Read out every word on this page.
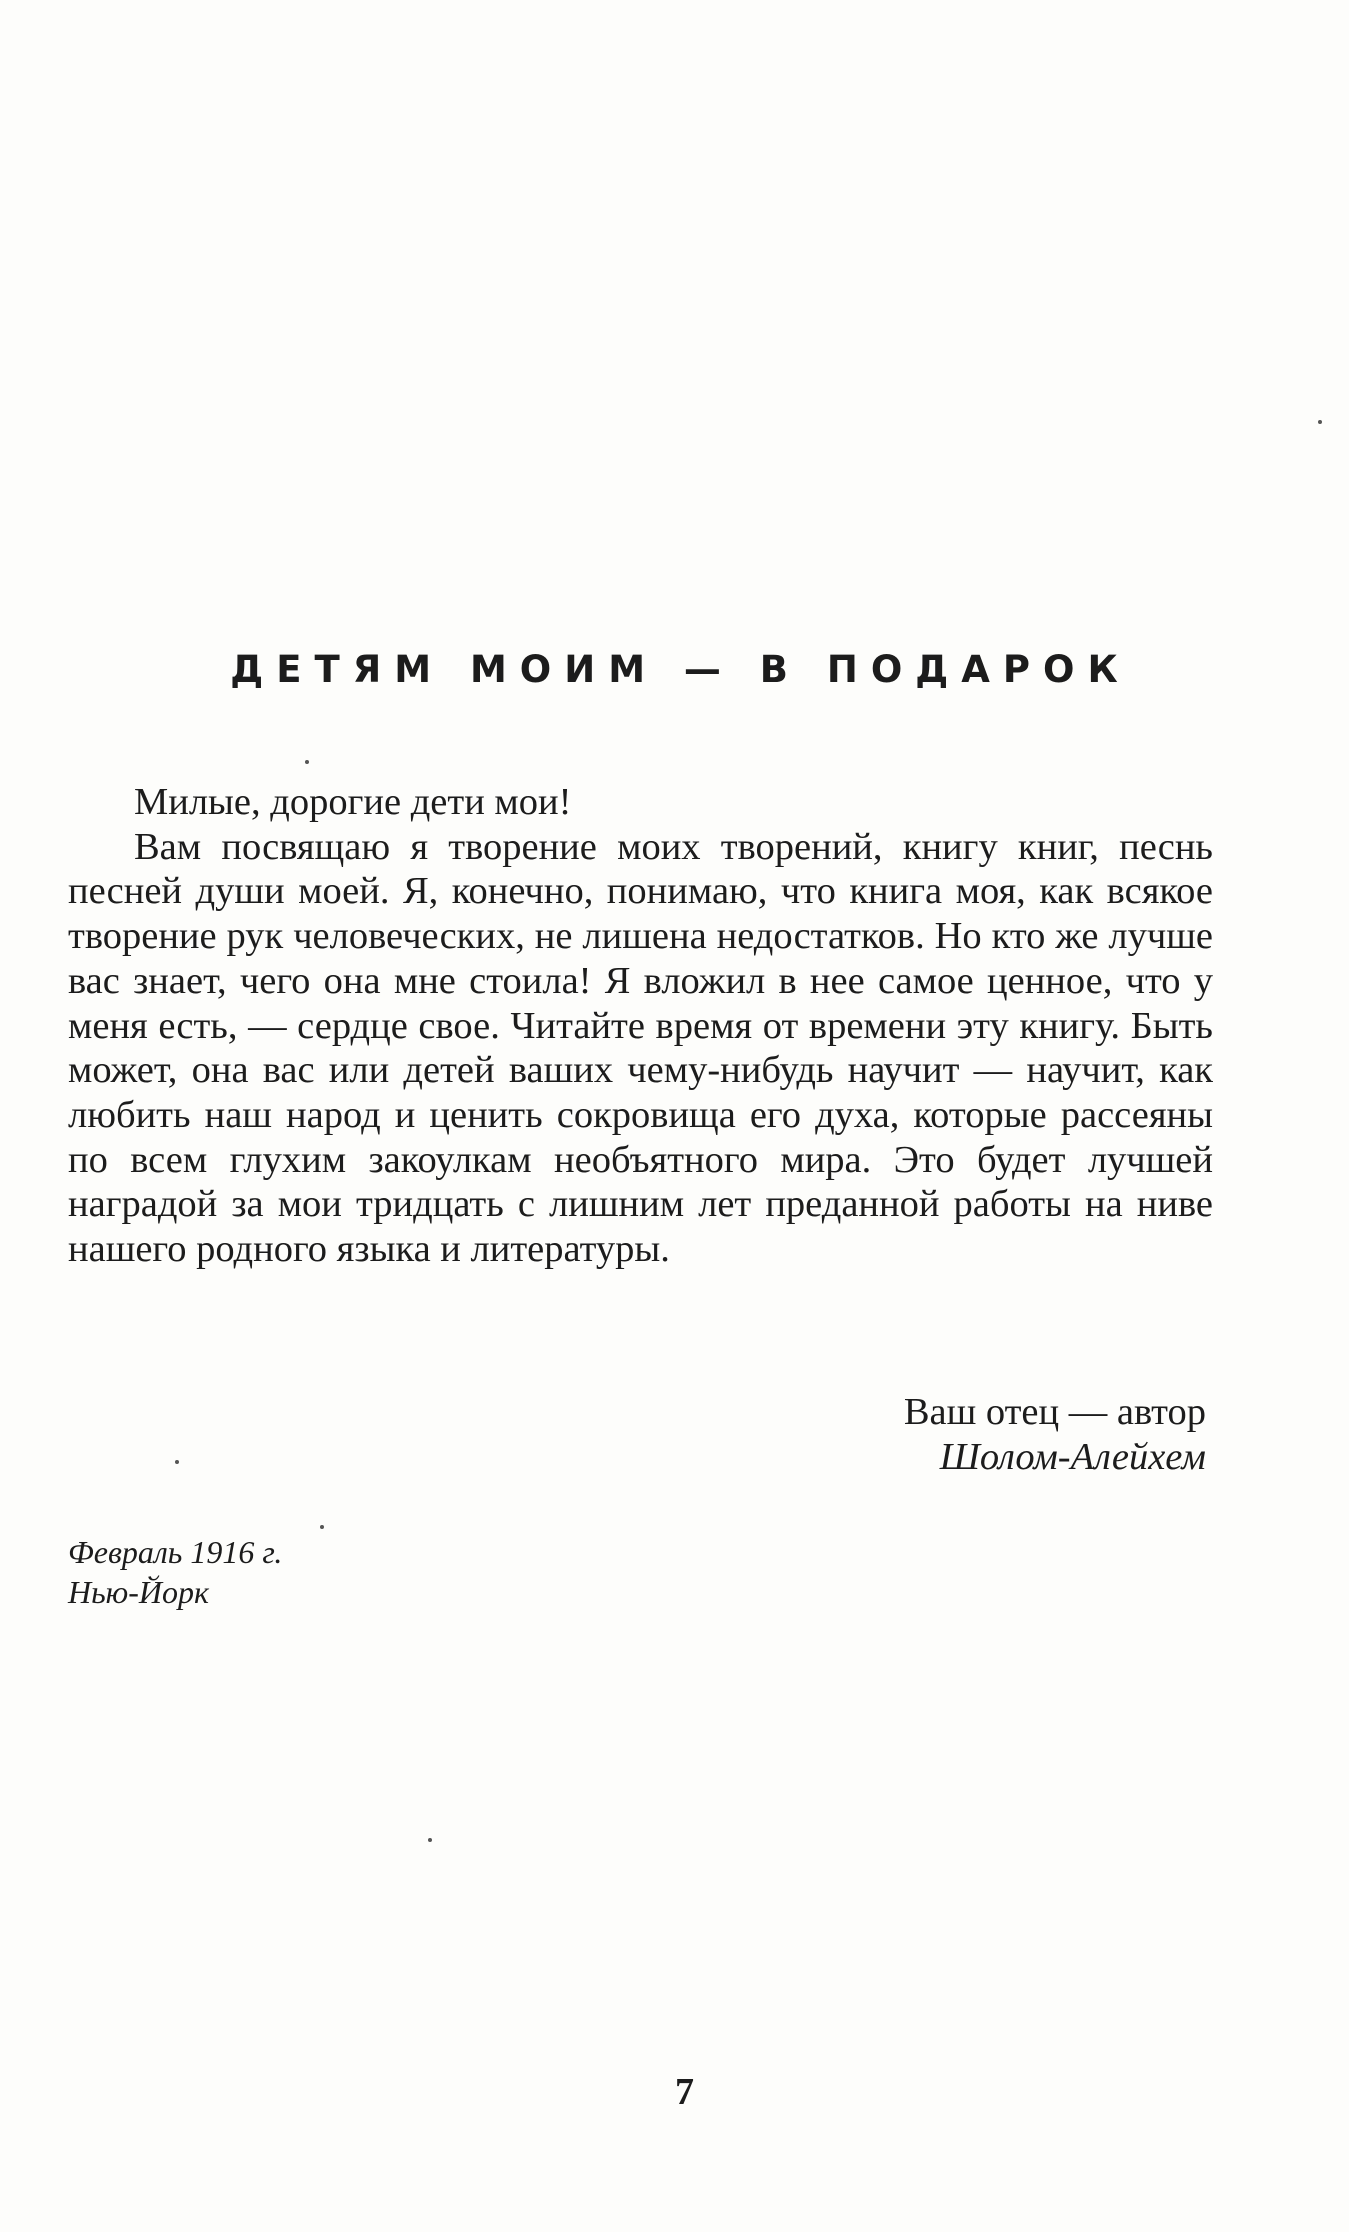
ДЕТЯМ МОИМ — В ПОДАРОК

Милые, дорогие дети мои!

Вам посвящаю я творение моих творений, книгу книг, песнь песней души моей. Я, конечно, понимаю, что книга моя, как всякое творение рук человеческих, не лишена недостатков. Но кто же лучше вас знает, чего она мне стоила! Я вложил в нее самое ценное, что у меня есть, — сердце свое. Читайте время от времени эту книгу. Быть может, она вас или детей ваших чему-нибудь научит — научит, как любить наш народ и ценить сокровища его духа, которые рассеяны по всем глухим закоулкам необъятного мира. Это будет лучшей наградой за мои тридцать с лишним лет преданной работы на ниве нашего родного языка и литературы.

Ваш отец — автор
Шолом-Алейхем
Февраль 1916 г.
Нью-Йорк
7
